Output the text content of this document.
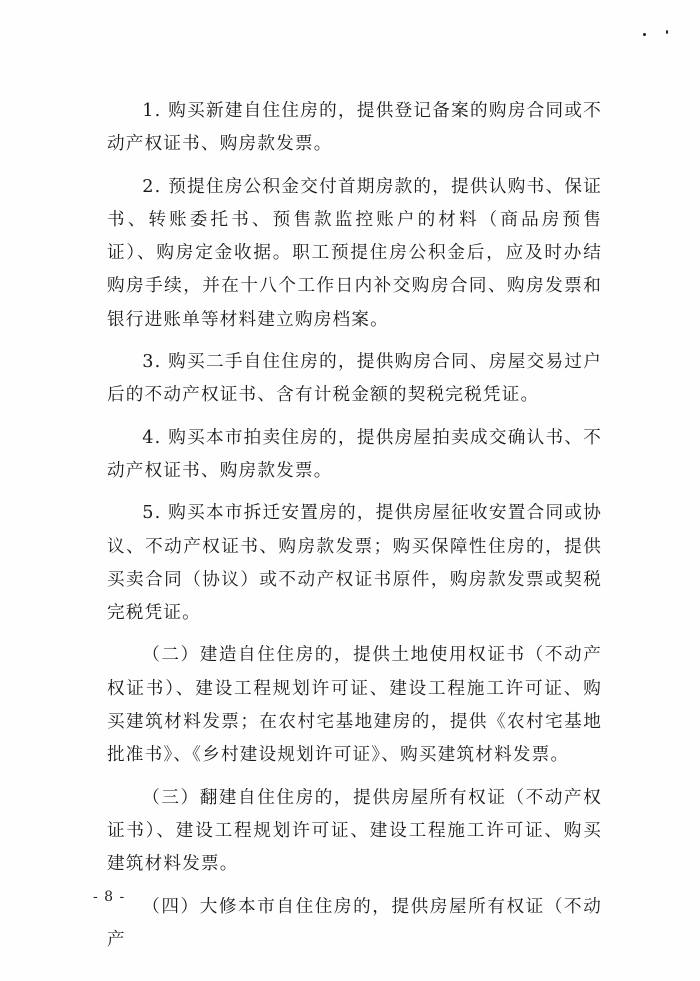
1. 购买新建自住住房的，提供登记备案的购房合同或不动产权证书、购房款发票。

2. 预提住房公积金交付首期房款的，提供认购书、保证书、转账委托书、预售款监控账户的材料（商品房预售证）、购房定金收据。职工预提住房公积金后，应及时办结购房手续，并在十八个工作日内补交购房合同、购房发票和银行进账单等材料建立购房档案。

3. 购买二手自住住房的，提供购房合同、房屋交易过户后的不动产权证书、含有计税金额的契税完税凭证。

4. 购买本市拍卖住房的，提供房屋拍卖成交确认书、不动产权证书、购房款发票。

5. 购买本市拆迁安置房的，提供房屋征收安置合同或协议、不动产权证书、购房款发票；购买保障性住房的，提供买卖合同（协议）或不动产权证书原件，购房款发票或契税完税凭证。

（二）建造自住住房的，提供土地使用权证书（不动产权证书）、建设工程规划许可证、建设工程施工许可证、购买建筑材料发票；在农村宅基地建房的，提供《农村宅基地批准书》、《乡村建设规划许可证》、购买建筑材料发票。

（三）翻建自住住房的，提供房屋所有权证（不动产权证书）、建设工程规划许可证、建设工程施工许可证、购买建筑材料发票。

（四）大修本市自住住房的，提供房屋所有权证（不动产

- 8 -
